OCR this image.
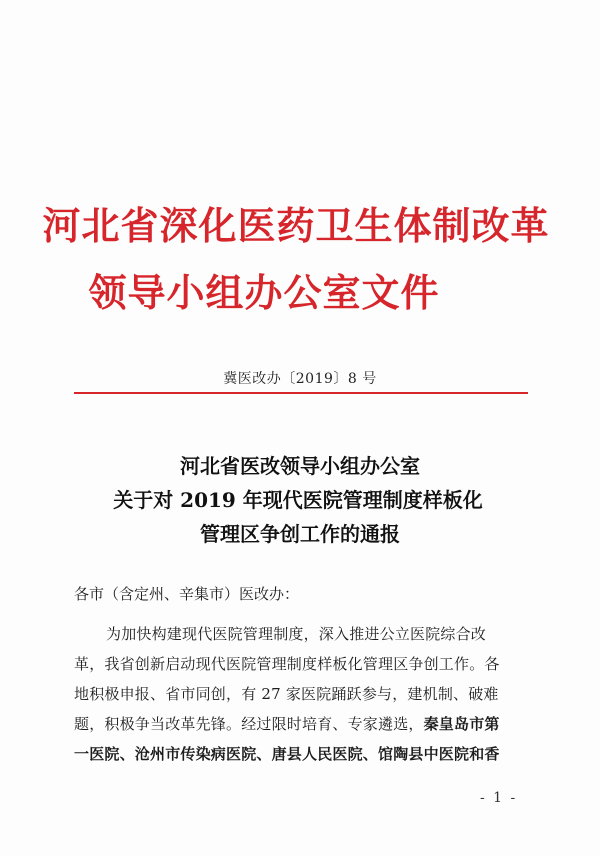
河北省深化医药卫生体制改革
领导小组办公室文件
冀医改办〔2019〕8 号
河北省医改领导小组办公室
关于对 2019 年现代医院管理制度样板化
管理区争创工作的通报
各市（含定州、辛集市）医改办：
为加快构建现代医院管理制度，深入推进公立医院综合改
革，我省创新启动现代医院管理制度样板化管理区争创工作。各
地积极申报、省市同创，有 27 家医院踊跃参与，建机制、破难
题，积极争当改革先锋。经过限时培育、专家遴选，秦皇岛市第
一医院、沧州市传染病医院、唐县人民医院、馆陶县中医院和香
- 1 -
